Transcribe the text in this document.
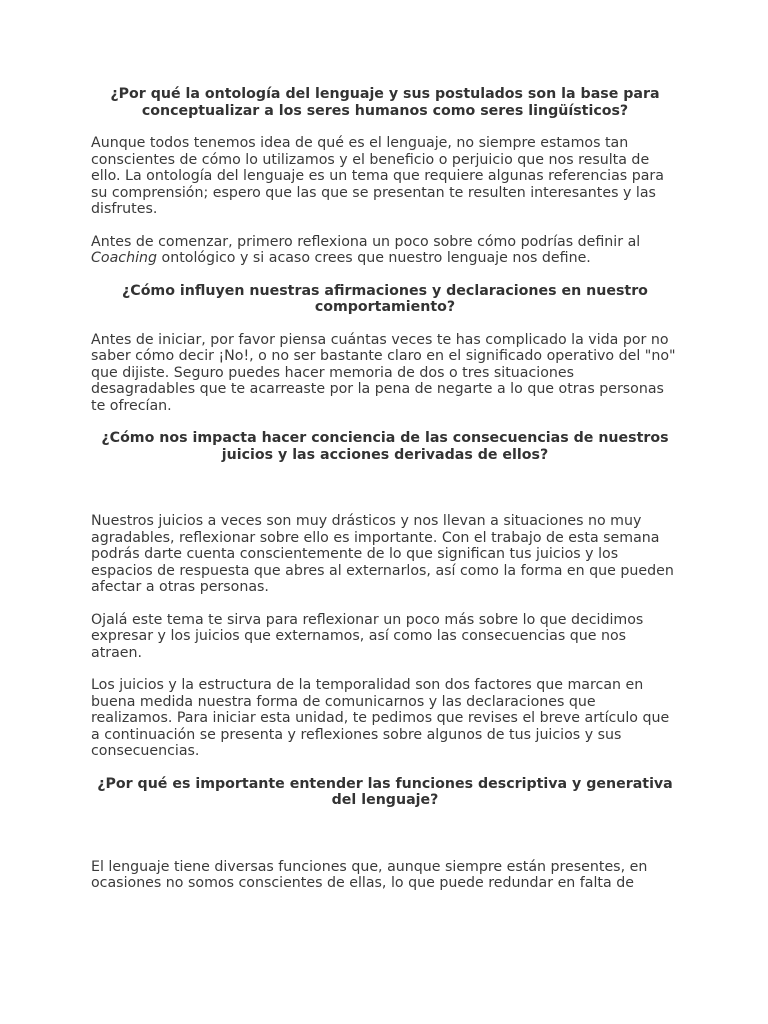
¿Por qué la ontología del lenguaje y sus postulados son la base para conceptualizar a los seres humanos como seres lingüísticos?

Aunque todos tenemos idea de qué es el lenguaje, no siempre estamos tan conscientes de cómo lo utilizamos y el beneficio o perjuicio que nos resulta de ello. La ontología del lenguaje es un tema que requiere algunas referencias para su comprensión; espero que las que se presentan te resulten interesantes y las disfrutes.

Antes de comenzar, primero reflexiona un poco sobre cómo podrías definir al Coaching ontológico y si acaso crees que nuestro lenguaje nos define.

¿Cómo influyen nuestras afirmaciones y declaraciones en nuestro comportamiento?

Antes de iniciar, por favor piensa cuántas veces te has complicado la vida por no saber cómo decir ¡No!, o no ser bastante claro en el significado operativo del "no" que dijiste. Seguro puedes hacer memoria de dos o tres situaciones desagradables que te acarreaste por la pena de negarte a lo que otras personas te ofrecían.

¿Cómo nos impacta hacer conciencia de las consecuencias de nuestros
juicios y las acciones derivadas de ellos?

Nuestros juicios a veces son muy drásticos y nos llevan a situaciones no muy agradables, reflexionar sobre ello es importante. Con el trabajo de esta semana podrás darte cuenta conscientemente de lo que significan tus juicios y los espacios de respuesta que abres al externarlos, así como la forma en que pueden afectar a otras personas.

Ojalá este tema te sirva para reflexionar un poco más sobre lo que decidimos expresar y los juicios que externamos, así como las consecuencias que nos atraen.

Los juicios y la estructura de la temporalidad son dos factores que marcan en buena medida nuestra forma de comunicarnos y las declaraciones que realizamos. Para iniciar esta unidad, te pedimos que revises el breve artículo que a continuación se presenta y reflexiones sobre algunos de tus juicios y sus consecuencias.

¿Por qué es importante entender las funciones descriptiva y generativa del lenguaje?

El lenguaje tiene diversas funciones que, aunque siempre están presentes, en ocasiones no somos conscientes de ellas, lo que puede redundar en falta de
